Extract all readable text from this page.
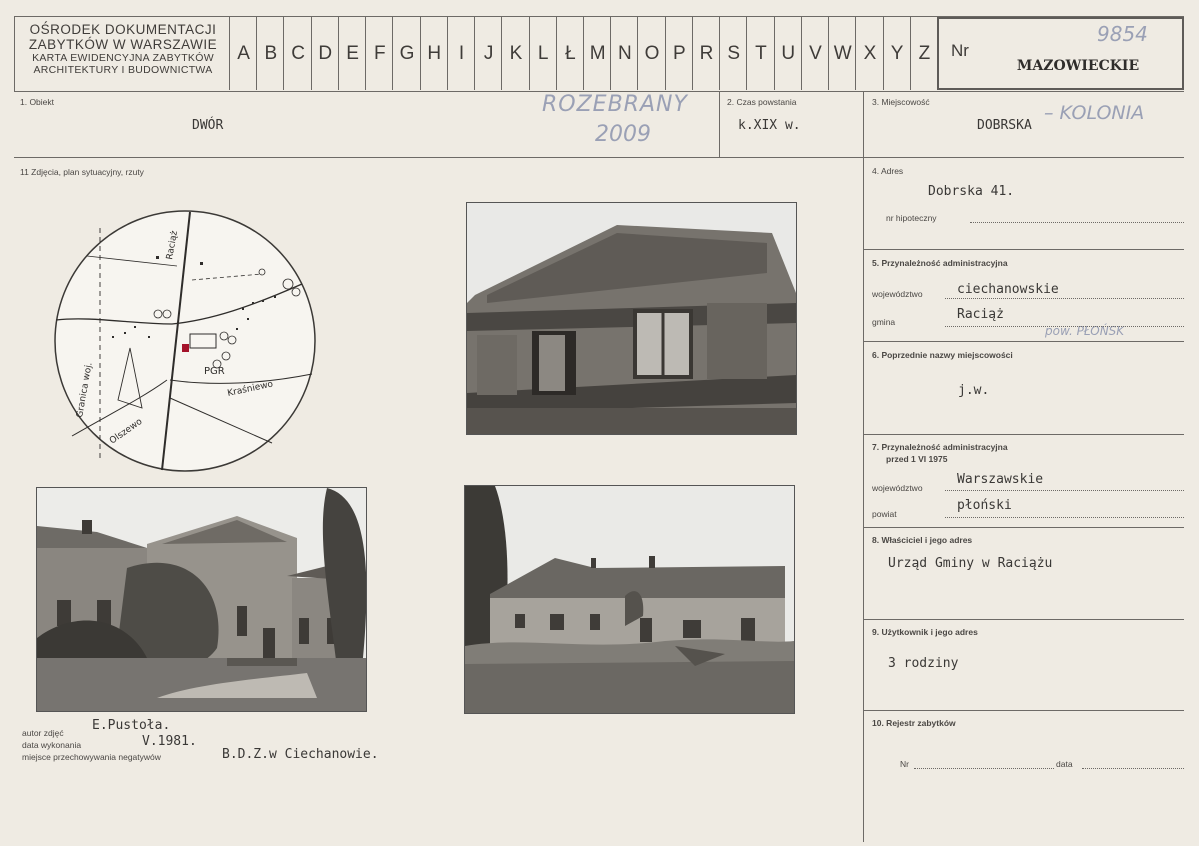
OŚRODEK DOKUMENTACJI
ZABYTKÓW W WARSZAWIE
KARTA EWIDENCYJNA ZABYTKÓW
ARCHITEKTURY I BUDOWNICTWA
A B C D E F G H I	J K L Ł M N O P R S T U V W X Y Z	Nr
9854
MAZOWIECKIE
1. Obiekt
DWÓR
ROZEBRANY
2009
2. Czas powstania
k.XIX w.
3. Miejscowość
DOBRSKA
– KOLONIA
11 Zdjęcia, plan sytuacyjny, rzuty
Raciąż
PGR
Kraśniewo
Granica woj.
Olszewo
autor zdjęć E.Pustoła.
data wykonania	V.1981.
miejsce przechowywania negatywów	B.D.Z.w Ciechanowie.
4. Adres
Dobrska 41.
nr hipoteczny
5. Przynależność administracyjna
województwo	ciechanowskie
gmina	Raciąż
pow. PŁOŃSK
6. Poprzednie nazwy miejscowości
j.w.
7. Przynależność administracyjna
przed 1 VI 1975
województwo
Warszawskie
powiat
płoński
8. Właściciel i jego adres
Urząd Gminy w Raciążu
9. Użytkownik i jego adres
3 rodziny
10. Rejestr zabytków
Nr	data
